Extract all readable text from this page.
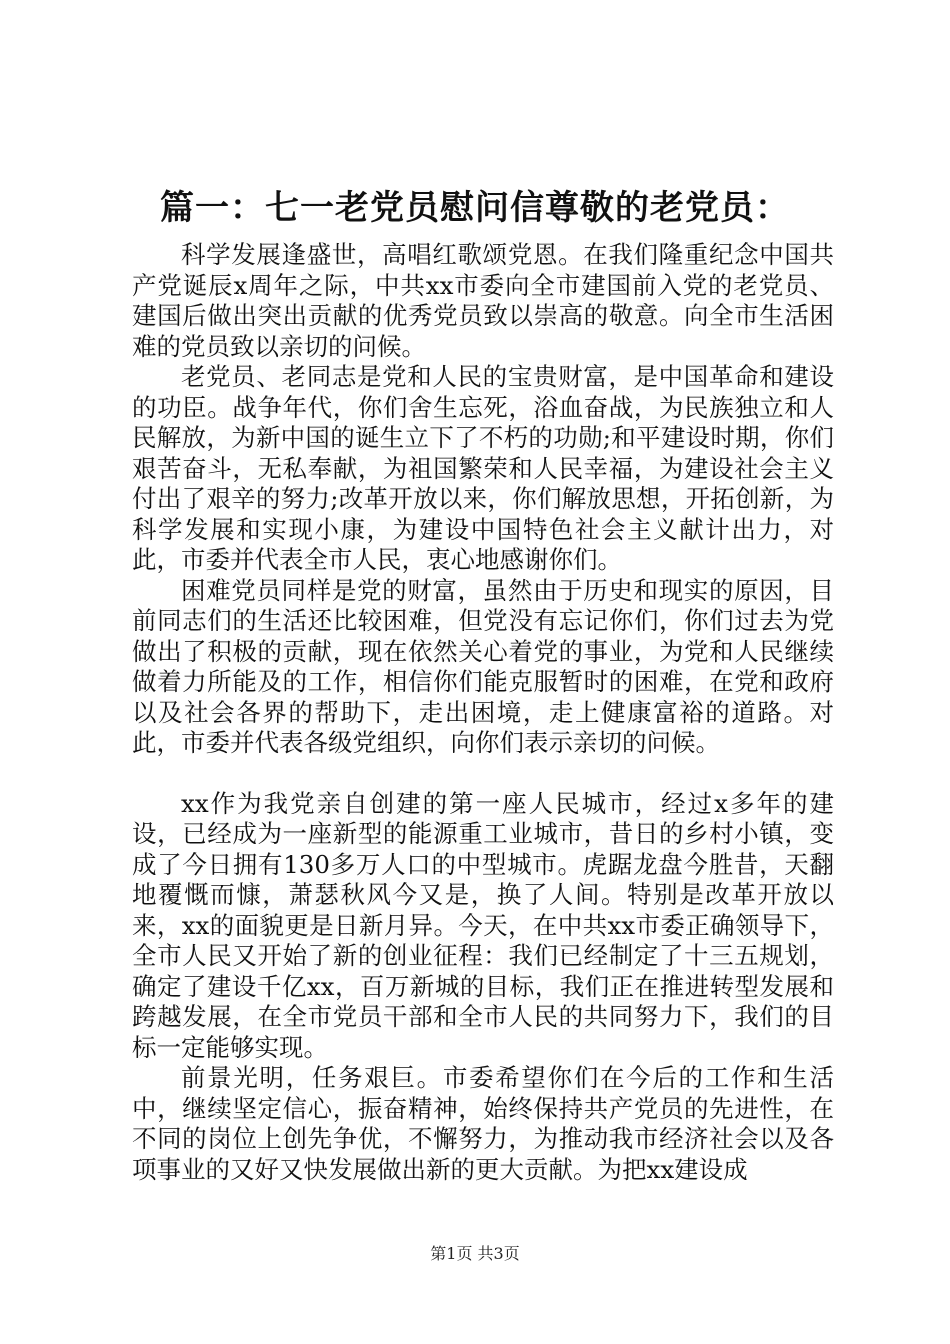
篇一：七一老党员慰问信尊敬的老党员：

科学发展逢盛世，高唱红歌颂党恩。在我们隆重纪念中国共产党诞辰x周年之际，中共xx市委向全市建国前入党的老党员、建国后做出突出贡献的优秀党员致以崇高的敬意。向全市生活困难的党员致以亲切的问候。

老党员、老同志是党和人民的宝贵财富，是中国革命和建设的功臣。战争年代，你们舍生忘死，浴血奋战，为民族独立和人民解放，为新中国的诞生立下了不朽的功勋;和平建设时期，你们艰苦奋斗，无私奉献，为祖国繁荣和人民幸福，为建设社会主义付出了艰辛的努力;改革开放以来，你们解放思想，开拓创新，为科学发展和实现小康，为建设中国特色社会主义献计出力，对此，市委并代表全市人民，衷心地感谢你们。

困难党员同样是党的财富，虽然由于历史和现实的原因，目前同志们的生活还比较困难，但党没有忘记你们，你们过去为党做出了积极的贡献，现在依然关心着党的事业，为党和人民继续做着力所能及的工作，相信你们能克服暂时的困难，在党和政府以及社会各界的帮助下，走出困境，走上健康富裕的道路。对此，市委并代表各级党组织，向你们表示亲切的问候。

xx作为我党亲自创建的第一座人民城市，经过x多年的建设，已经成为一座新型的能源重工业城市，昔日的乡村小镇，变成了今日拥有130多万人口的中型城市。虎踞龙盘今胜昔，天翻地覆慨而慷，萧瑟秋风今又是，换了人间。特别是改革开放以来，xx的面貌更是日新月异。今天，在中共xx市委正确领导下，全市人民又开始了新的创业征程：我们已经制定了十三五规划，确定了建设千亿xx，百万新城的目标，我们正在推进转型发展和跨越发展，在全市党员干部和全市人民的共同努力下，我们的目标一定能够实现。

前景光明，任务艰巨。市委希望你们在今后的工作和生活中，继续坚定信心，振奋精神，始终保持共产党员的先进性，在不同的岗位上创先争优，不懈努力，为推动我市经济社会以及各项事业的又好又快发展做出新的更大贡献。为把xx建设成

第1页 共3页
